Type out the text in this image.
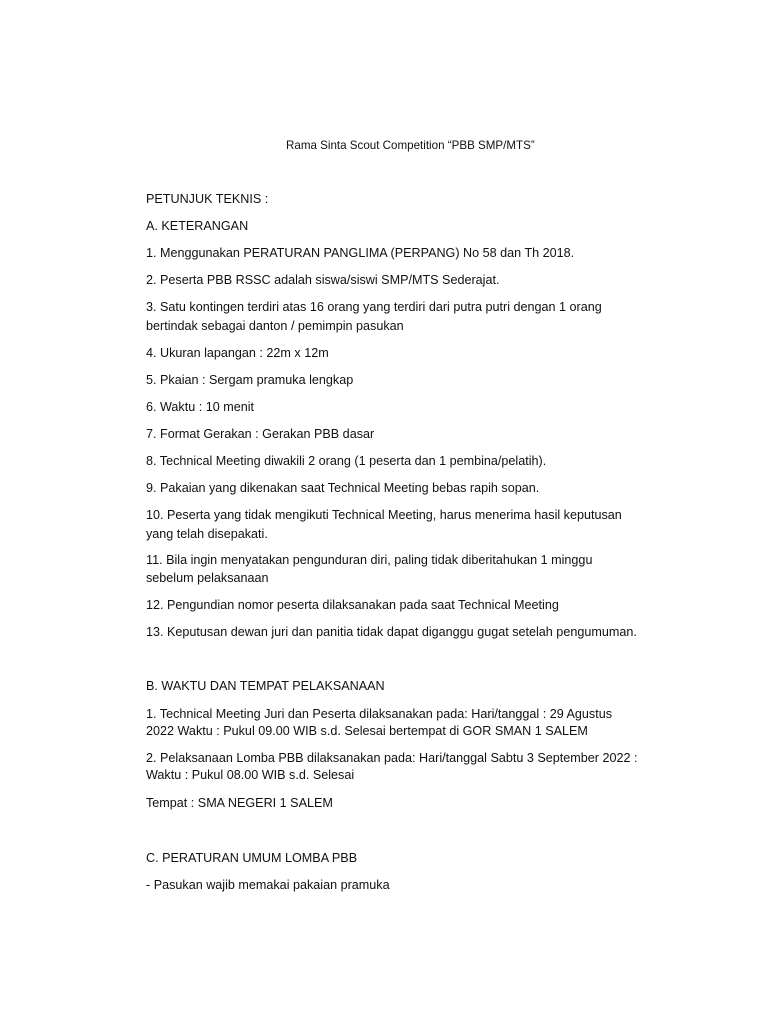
Rama Sinta Scout Competition “PBB SMP/MTS”
PETUNJUK TEKNIS :
A. KETERANGAN
1. Menggunakan PERATURAN PANGLIMA (PERPANG) No 58 dan Th 2018.
2. Peserta PBB RSSC adalah siswa/siswi SMP/MTS Sederajat.
3. Satu kontingen terdiri atas 16 orang yang terdiri dari putra putri dengan 1 orang
bertindak sebagai danton / pemimpin pasukan
4. Ukuran lapangan : 22m x 12m
5. Pkaian : Sergam pramuka lengkap
6. Waktu : 10 menit
7. Format Gerakan : Gerakan PBB dasar
8. Technical Meeting diwakili 2 orang (1 peserta dan 1 pembina/pelatih).
9. Pakaian yang dikenakan saat Technical Meeting bebas rapih sopan.
10. Peserta yang tidak mengikuti Technical Meeting, harus menerima hasil keputusan
yang telah disepakati.
11. Bila ingin menyatakan pengunduran diri, paling tidak diberitahukan 1 minggu
sebelum pelaksanaan
12. Pengundian nomor peserta dilaksanakan pada saat Technical Meeting
13. Keputusan dewan juri dan panitia tidak dapat diganggu gugat setelah pengumuman.
B. WAKTU DAN TEMPAT PELAKSANAAN
1. Technical Meeting Juri dan Peserta dilaksanakan pada: Hari/tanggal : 29 Agustus
2022 Waktu : Pukul 09.00 WIB s.d. Selesai bertempat di GOR SMAN 1 SALEM
2. Pelaksanaan Lomba PBB dilaksanakan pada: Hari/tanggal Sabtu 3 September 2022 :
Waktu : Pukul 08.00 WIB s.d. Selesai
Tempat : SMA NEGERI 1 SALEM
C. PERATURAN UMUM LOMBA PBB
- Pasukan wajib memakai pakaian pramuka
